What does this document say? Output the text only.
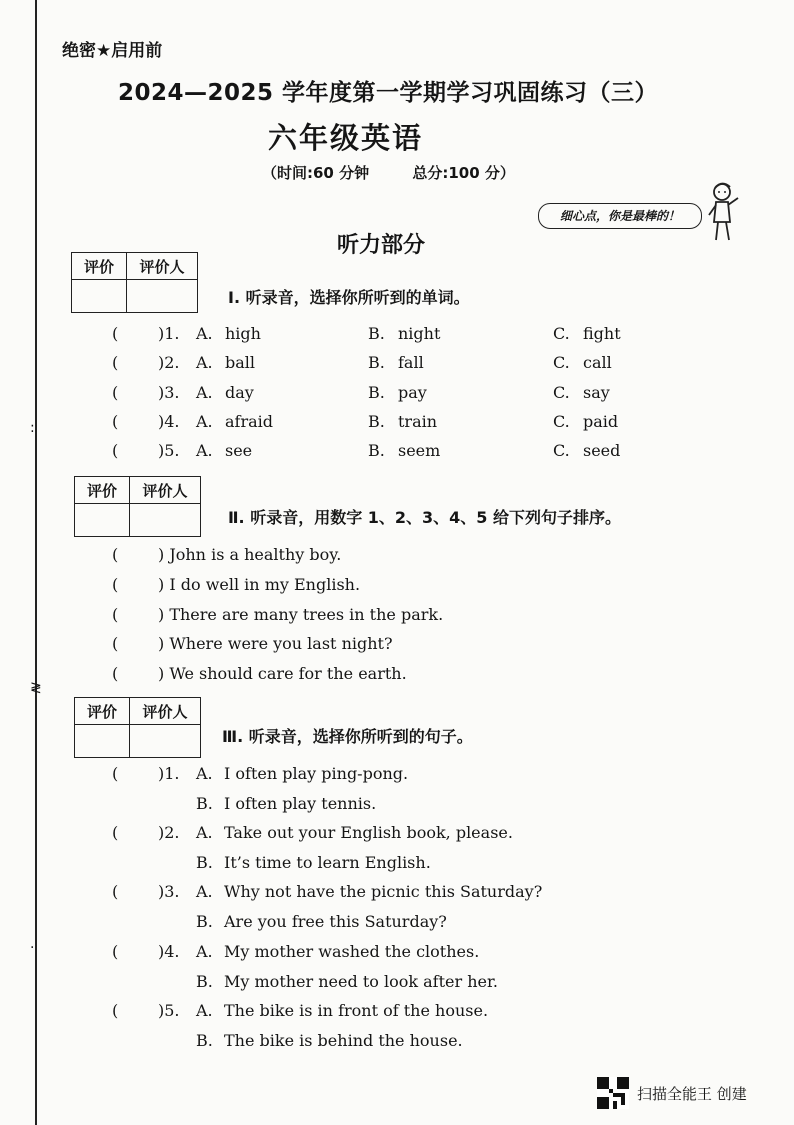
:
≷
·
绝密★启用前
2024—2025 学年度第一学期学习巩固练习（三）
六年级英语
（时间:60 分钟	总分:100 分）
细心点，你是最棒的！
听力部分
评价	评价人

Ⅰ. 听录音，选择你所听到的单词。
( )1. A. high	B. night	C. fight
( )2. A. ball	B. fall	C. call
( )3. A. day	B. pay	C. say
( )4. A. afraid	B. train	C. paid
( )5. A. see	B. seem	C. seed
评价	评价人

Ⅱ. 听录音，用数字 1、2、3、4、5 给下列句子排序。
( ) John is a healthy boy.
( ) I do well in my English.
( ) There are many trees in the park.
( ) Where were you last night?
( ) We should care for the earth.
评价	评价人

Ⅲ. 听录音，选择你所听到的句子。
( )1. A. I often play ping-pong.
B. I often play tennis.
( )2. A. Take out your English book, please.
B. It’s time to learn English.
( )3. A. Why not have the picnic this Saturday?
B. Are you free this Saturday?
( )4. A. My mother washed the clothes.
B. My mother need to look after her.
( )5. A. The bike is in front of the house.
B. The bike is behind the house.
扫描全能王 创建
